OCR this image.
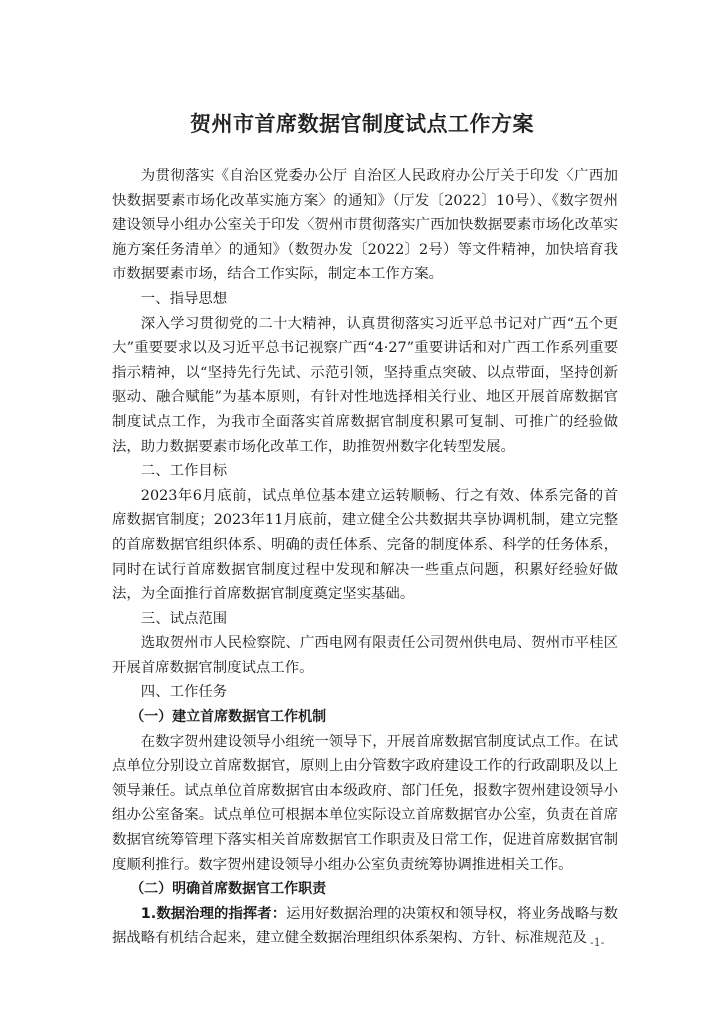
贺州市首席数据官制度试点工作方案

为贯彻落实《自治区党委办公厅 自治区人民政府办公厅关于印发〈广西加快数据要素市场化改革实施方案〉的通知》（厅发〔2022〕10号）、《数字贺州建设领导小组办公室关于印发〈贺州市贯彻落实广西加快数据要素市场化改革实施方案任务清单〉的通知》（数贺办发〔2022〕2号）等文件精神，加快培育我市数据要素市场，结合工作实际，制定本工作方案。

一、指导思想

深入学习贯彻党的二十大精神，认真贯彻落实习近平总书记对广西“五个更大”重要要求以及习近平总书记视察广西“4·27”重要讲话和对广西工作系列重要指示精神，以“坚持先行先试、示范引领，坚持重点突破、以点带面，坚持创新驱动、融合赋能”为基本原则，有针对性地选择相关行业、地区开展首席数据官制度试点工作，为我市全面落实首席数据官制度积累可复制、可推广的经验做法，助力数据要素市场化改革工作，助推贺州数字化转型发展。

二、工作目标

2023年6月底前，试点单位基本建立运转顺畅、行之有效、体系完备的首席数据官制度；2023年11月底前，建立健全公共数据共享协调机制，建立完整的首席数据官组织体系、明确的责任体系、完备的制度体系、科学的任务体系，同时在试行首席数据官制度过程中发现和解决一些重点问题，积累好经验好做法，为全面推行首席数据官制度奠定坚实基础。

三、试点范围

选取贺州市人民检察院、广西电网有限责任公司贺州供电局、贺州市平桂区开展首席数据官制度试点工作。

四、工作任务

（一）建立首席数据官工作机制

在数字贺州建设领导小组统一领导下，开展首席数据官制度试点工作。在试点单位分别设立首席数据官，原则上由分管数字政府建设工作的行政副职及以上领导兼任。试点单位首席数据官由本级政府、部门任免，报数字贺州建设领导小组办公室备案。试点单位可根据本单位实际设立首席数据官办公室，负责在首席数据官统筹管理下落实相关首席数据官工作职责及日常工作，促进首席数据官制度顺利推行。数字贺州建设领导小组办公室负责统筹协调推进相关工作。

（二）明确首席数据官工作职责

1.数据治理的指挥者：运用好数据治理的决策权和领导权，将业务战略与数据战略有机结合起来，建立健全数据治理组织体系架构、方针、标准规范及 -1-
